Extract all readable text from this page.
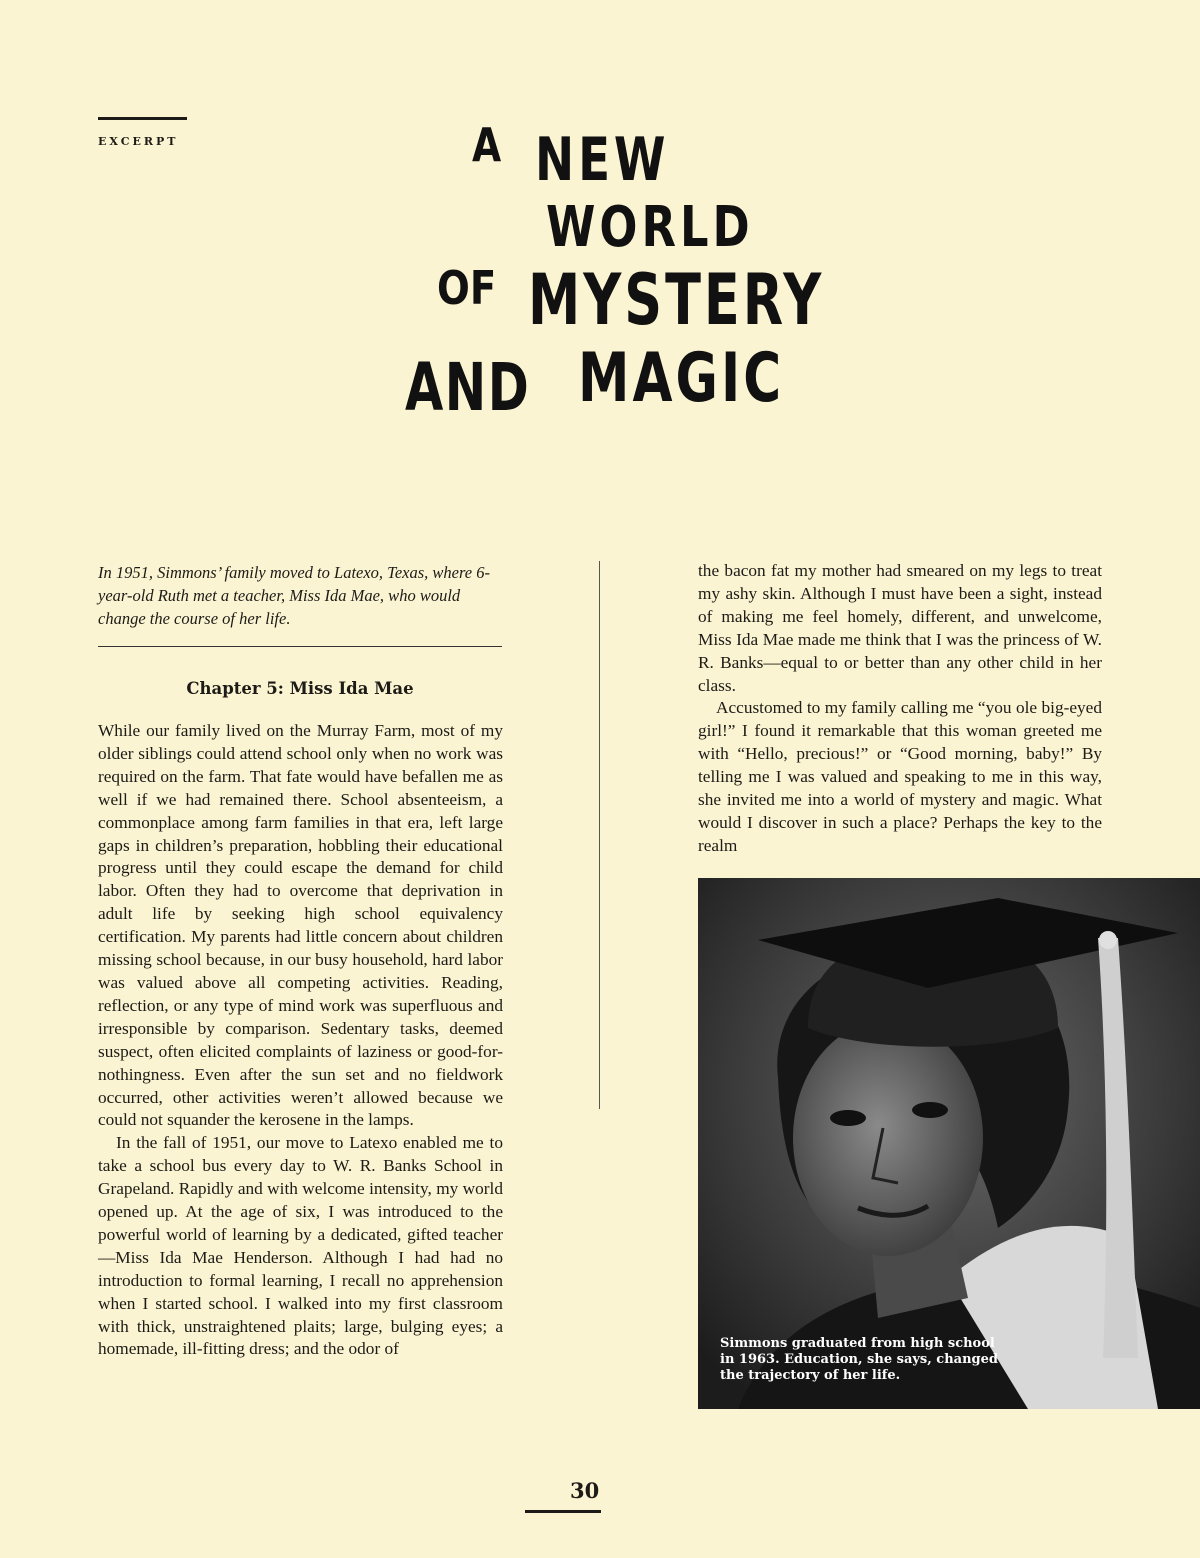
EXCERPT	A NEW
WORLD
OF MYSTERY
AND MAGIC
In 1951, Simmons’ family moved to Latexo, Texas, where 6-year-old Ruth met a teacher, Miss Ida Mae, who would change the course of her life.
Chapter 5: Miss Ida Mae

While our family lived on the Murray Farm, most of my older siblings could attend school only when no work was required on the farm. That fate would have befallen me as well if we had remained there. School absenteeism, a commonplace among farm families in that era, left large gaps in children’s preparation, hobbling their educational progress until they could escape the demand for child labor. Often they had to overcome that deprivation in adult life by seeking high school equivalency certification. My parents had little concern about children missing school because, in our busy household, hard labor was valued above all competing activities. Reading, reflection, or any type of mind work was superfluous and irresponsible by comparison. Sedentary tasks, deemed suspect, often elicited complaints of laziness or good-for-nothingness. Even after the sun set and no fieldwork occurred, other activities weren’t allowed because we could not squander the kerosene in the lamps.

In the fall of 1951, our move to Latexo enabled me to take a school bus every day to W. R. Banks School in Grapeland. Rapidly and with welcome intensity, my world opened up. At the age of six, I was introduced to the powerful world of learning by a dedicated, gifted teacher—Miss Ida Mae Henderson. Although I had had no introduction to formal learning, I recall no apprehension when I started school. I walked into my first classroom with thick, unstraightened plaits; large, bulging eyes; a homemade, ill-fitting dress; and the odor of

the bacon fat my mother had smeared on my legs to treat my ashy skin. Although I must have been a sight, instead of making me feel homely, different, and unwelcome, Miss Ida Mae made me think that I was the princess of W. R. Banks—equal to or better than any other child in her class.

Accustomed to my family calling me “you ole big-eyed girl!” I found it remarkable that this woman greeted me with “Hello, precious!” or “Good morning, baby!” By telling me I was valued and speaking to me in this way, she invited me into a world of mystery and magic. What would I discover in such a place? Perhaps the key to the realm

Simmons graduated from high school in 1963. Education, she says, changed the trajectory of her life.
30
